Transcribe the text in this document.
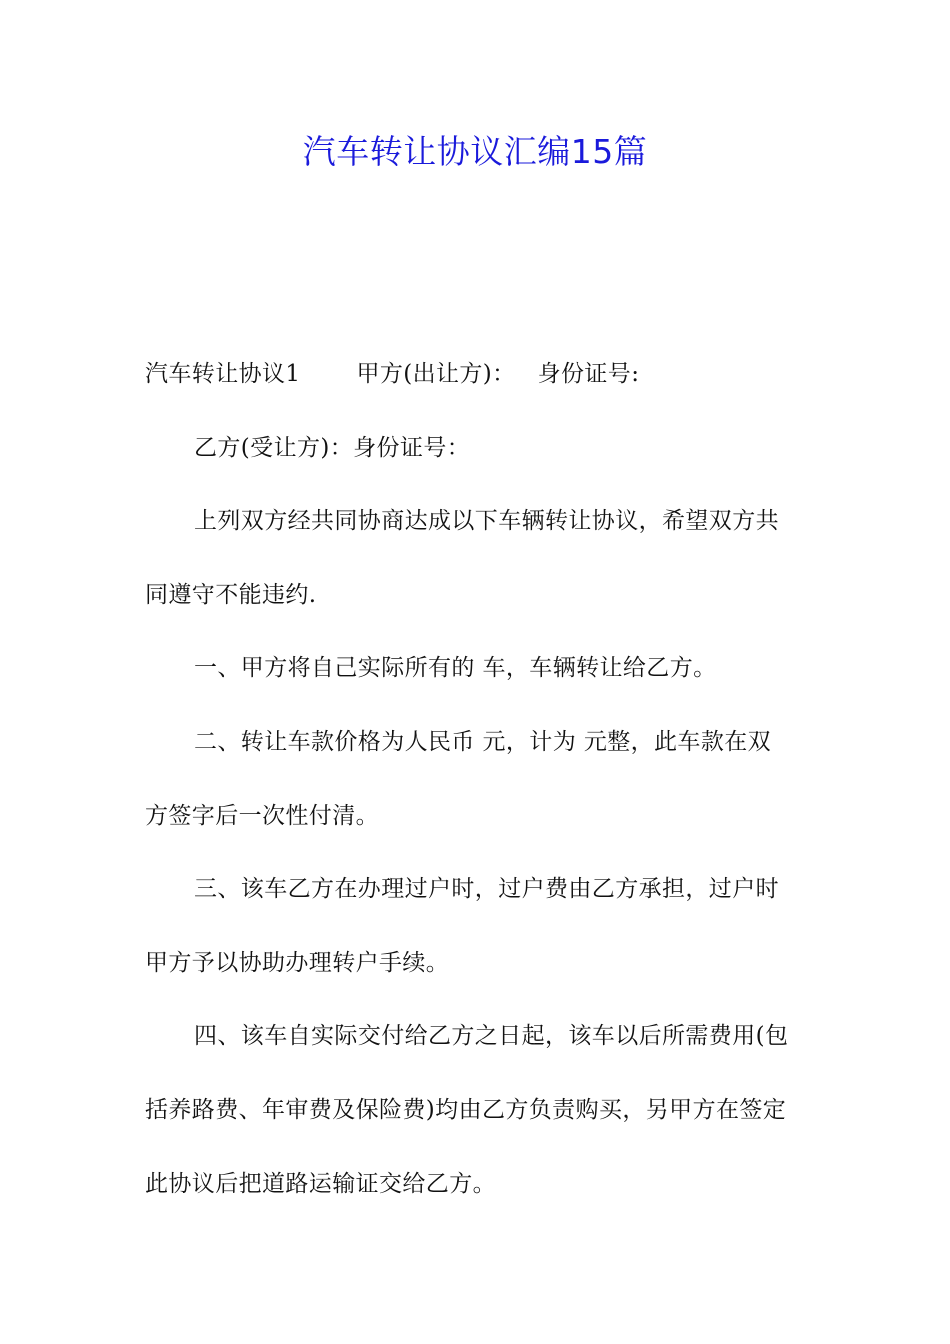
汽车转让协议汇编15篇
汽车转让协议1 甲方(出让方)： 身份证号:
乙方(受让方)：身份证号：
上列双方经共同协商达成以下车辆转让协议，希望双方共
同遵守不能违约.
一、甲方将自己实际所有的 车，车辆转让给乙方。
二、转让车款价格为人民币 元，计为 元整，此车款在双
方签字后一次性付清。
三、该车乙方在办理过户时，过户费由乙方承担，过户时
甲方予以协助办理转户手续。
四、该车自实际交付给乙方之日起，该车以后所需费用(包
括养路费、年审费及保险费)均由乙方负责购买，另甲方在签定
此协议后把道路运输证交给乙方。
